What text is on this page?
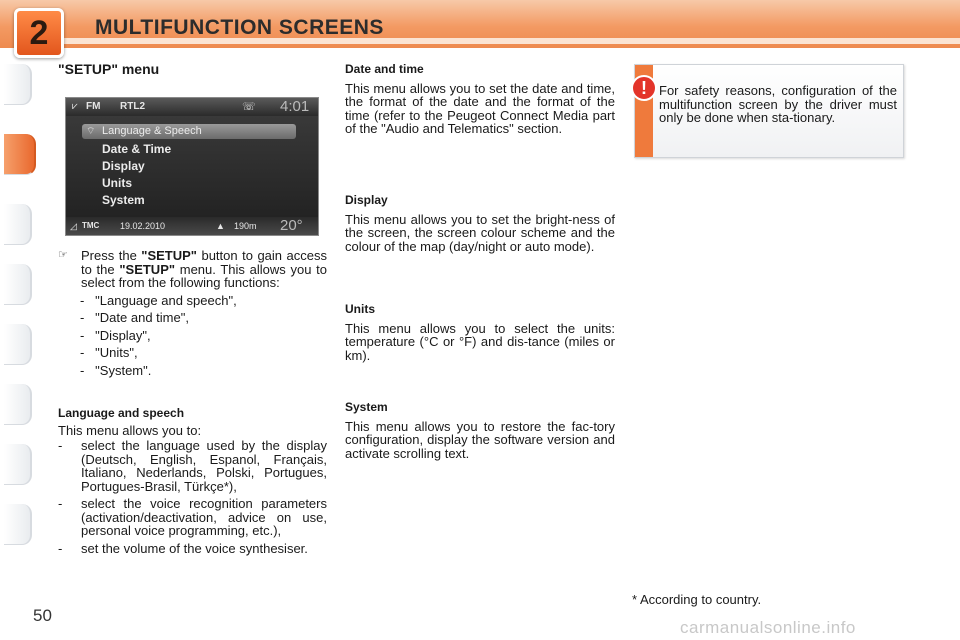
2	MULTIFUNCTION SCREENS
"SETUP" menu
⩗ FM RTL2	☏ 4:01
⌔ Language & Speech
Date & Time
Display
Units
System
◿ TMC 19.02.2010	▲ 190m 20°
☞ Press the "SETUP" button to gain access to the "SETUP" menu. This allows you to select from the following functions:
-   "Language and speech",
-   "Date and time",
-   "Display",
-   "Units",
-   "System".
Language and speech

This menu allows you to:

- select the language used by the display (Deutsch, English, Espanol, Français, Italiano, Nederlands, Polski, Portugues, Portugues-Brasil, Türkçe*),
- select the voice recognition parameters (activation/deactivation, advice on use, personal voice programming, etc.),
- set the volume of the voice synthesiser.
Date and time

This menu allows you to set the date and time, the format of the date and the format of the time (refer to the Peugeot Connect Media part of the "Audio and Telematics" section.

Display

This menu allows you to set the bright-ness of the screen, the screen colour scheme and the colour of the map (day/night or auto mode).

Units

This menu allows you to select the units: temperature (°C or °F) and dis-tance (miles or km).

System

This menu allows you to restore the fac-tory configuration, display the software version and activate scrolling text.

! For safety reasons, configuration of the multifunction screen by the driver must only be done when sta-tionary.
* According to country.
50
carmanualsonline.info
